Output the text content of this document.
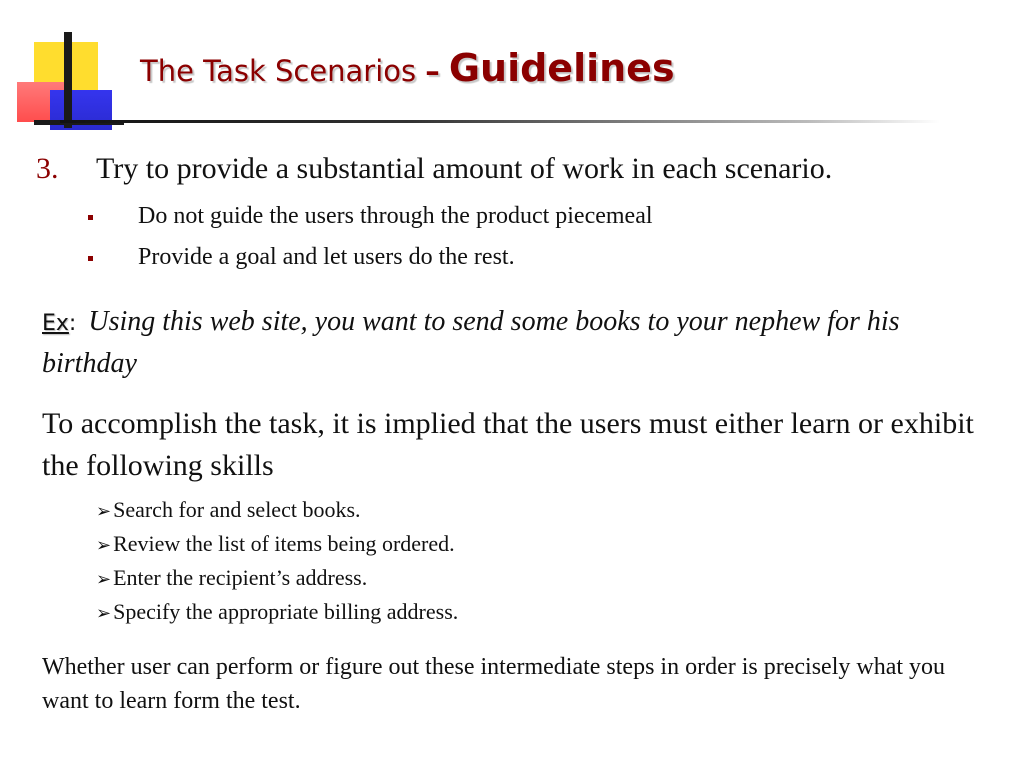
The Task Scenarios – Guidelines
3. Try to provide a substantial amount of work in each scenario.
Do not guide the users through the product piecemeal
Provide a goal and let users do the rest.
Ex: Using this web site, you want to send some books to your nephew for his birthday
To accomplish the task, it is implied that the users must either learn or exhibit the following skills
➢Search for and select books.
➢Review the list of items being ordered.
➢Enter the recipient’s address.
➢Specify the appropriate billing address.
Whether user can perform or figure out these intermediate steps in order is precisely what you want to learn form the test.
